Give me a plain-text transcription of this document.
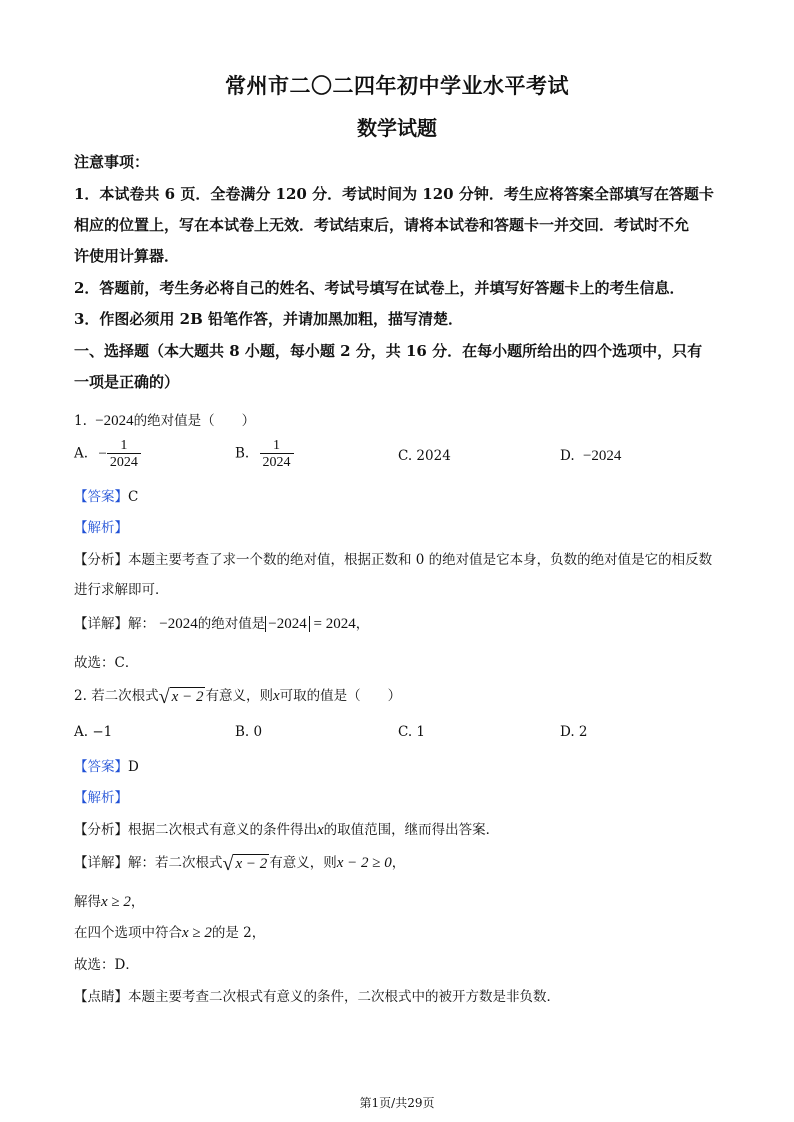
常州市二〇二四年初中学业水平考试
数学试题
注意事项：
1．本试卷共 6 页．全卷满分 120 分．考试时间为 120 分钟．考生应将答案全部填写在答题卡
相应的位置上，写在本试卷上无效．考试结束后，请将本试卷和答题卡一并交回．考试时不允
许使用计算器．
2．答题前，考生务必将自己的姓名、考试号填写在试卷上，并填写好答题卡上的考生信息．
3．作图必须用 2B 铅笔作答，并请加黑加粗，描写清楚．
一、选择题（本大题共 8 小题，每小题 2 分，共 16 分．在每小题所给出的四个选项中，只有
一项是正确的）
1. −2024的绝对值是（　　）
A. − $\frac{1}{2024}$	B. $\frac{1}{2024}$	C. 2024	D. −2024
【答案】C
【解析】
【分析】本题主要考查了求一个数的绝对值，根据正数和 0 的绝对值是它本身，负数的绝对值是它的相反数
进行求解即可．
【详解】解： −2024的绝对值是 −2024 = 2024，
故选：C．
2. 若二次根式 √ x − 2 有意义，则x可取的值是（　　）
A. −1	B. 0	C. 1	D. 2
【答案】D
【解析】
【分析】根据二次根式有意义的条件得出x的取值范围，继而得出答案．
【详解】解：若二次根式 √ x − 2 有意义，则x − 2 ≥ 0，
解得x ≥ 2，
在四个选项中符合x ≥ 2的是 2，
故选：D．
【点睛】本题主要考查二次根式有意义的条件，二次根式中的被开方数是非负数．
第1页/共29页
